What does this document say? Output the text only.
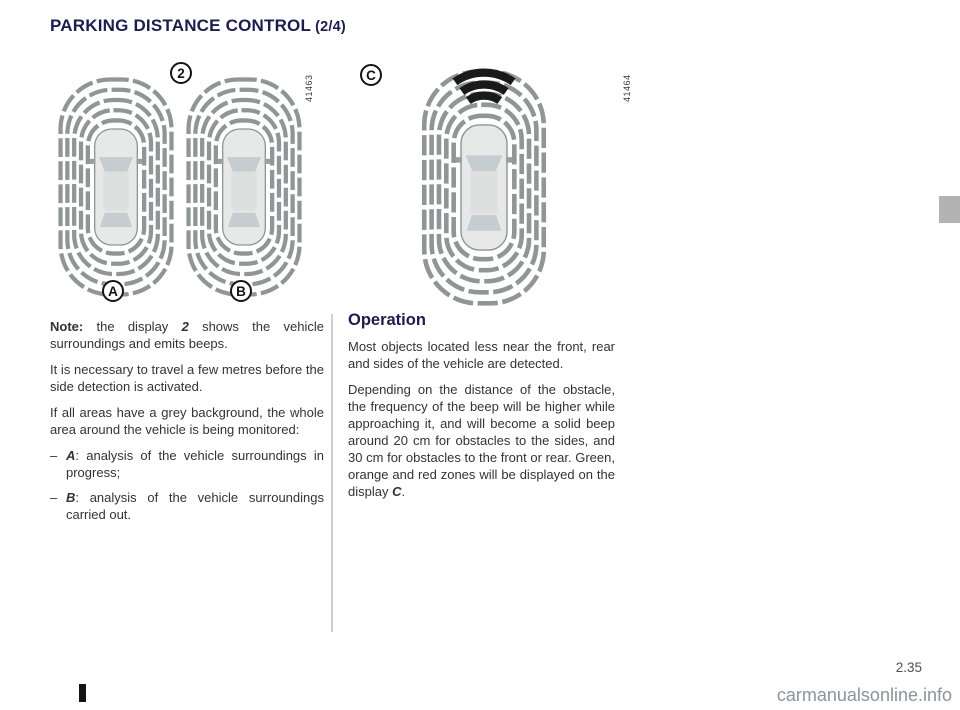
PARKING DISTANCE CONTROL (2/4)
2
A	B
41463	C	41464

Note: the display 2 shows the vehicle surroundings and emits beeps.

It is necessary to travel a few metres before the side detection is activated.

If all areas have a grey background, the whole area around the vehicle is being monitored:

– A: analysis of the vehicle surroundings in progress;
– B: analysis of the vehicle surroundings carried out.
Operation

Most objects located less near the front, rear and sides of the vehicle are detected.

Depending on the distance of the obstacle, the frequency of the beep will be higher while approaching it, and will become a solid beep around 20 cm for obstacles to the sides, and 30 cm for obstacles to the front or rear. Green, orange and red zones will be displayed on the display C.

2.35
carmanualsonline.info
